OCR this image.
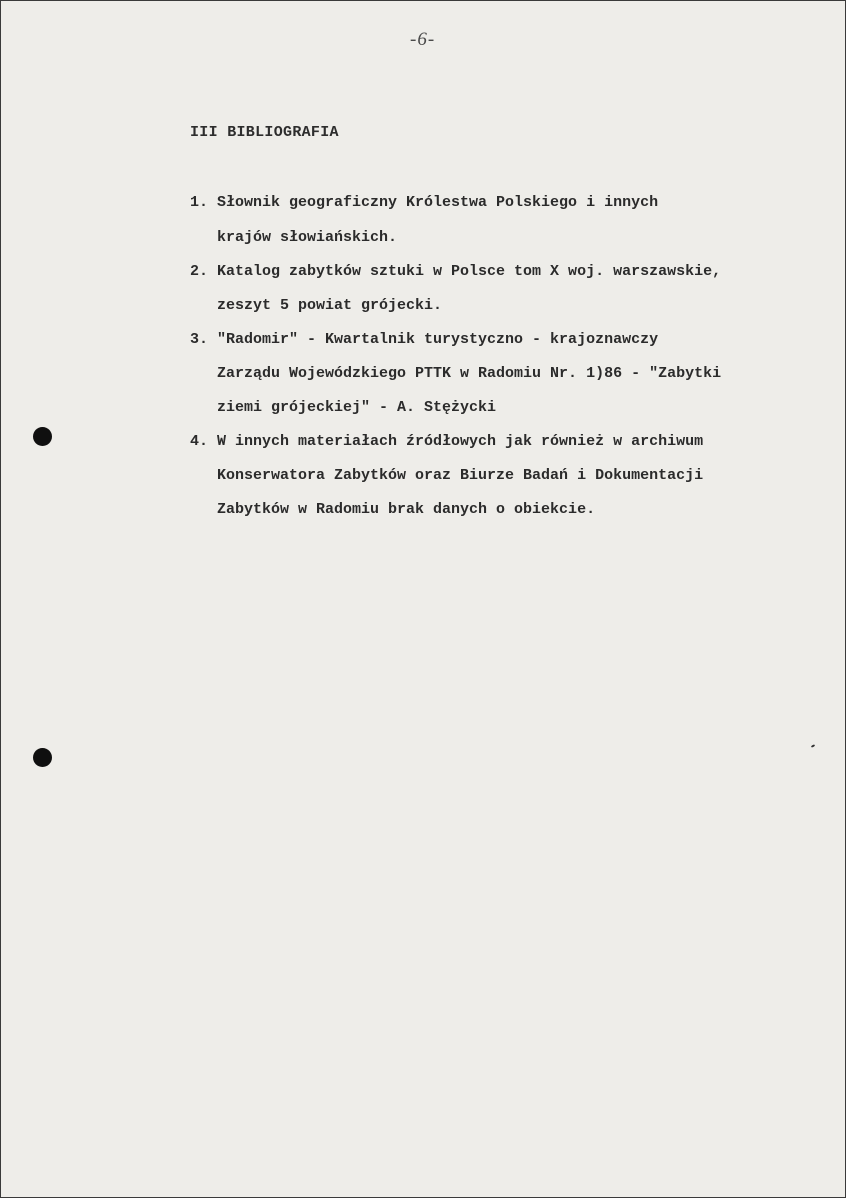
-6-
III BIBLIOGRAFIA
1. Słownik geograficzny Królestwa Polskiego i innych
krajów słowiańskich.
2. Katalog zabytków sztuki w Polsce tom X woj. warszawskie,
zeszyt 5 powiat grójecki.
3. "Radomir" - Kwartalnik turystyczno - krajoznawczy
Zarządu Wojewódzkiego PTTK w Radomiu Nr. 1)86 - "Zabytki
ziemi grójeckiej" - A. Stężycki
4. W innych materiałach źródłowych jak również w archiwum
Konserwatora Zabytków oraz Biurze Badań i Dokumentacji
Zabytków w Radomiu brak danych o obiekcie.
